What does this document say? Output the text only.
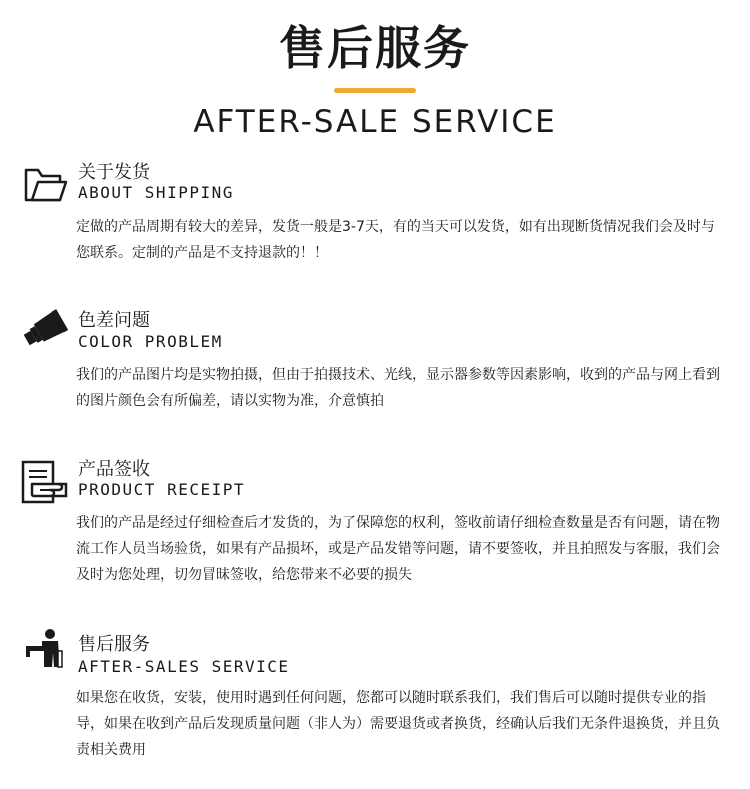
售后服务
AFTER-SALE SERVICE
关于发货
ABOUT SHIPPING
定做的产品周期有较大的差异，发货一般是3-7天，有的当天可以发货，如有出现断货情况我们会及时与您联系。定制的产品是不支持退款的！！
色差问题
COLOR PROBLEM
我们的产品图片均是实物拍摄，但由于拍摄技术、光线，显示器参数等因素影响，收到的产品与网上看到的图片颜色会有所偏差，请以实物为准，介意慎拍
产品签收
PRODUCT RECEIPT
我们的产品是经过仔细检查后才发货的，为了保障您的权利，签收前请仔细检查数量是否有问题，请在物流工作人员当场验货，如果有产品损坏，或是产品发错等问题，请不要签收，并且拍照发与客服，我们会及时为您处理，切勿冒昧签收，给您带来不必要的损失
售后服务
AFTER-SALES SERVICE
如果您在收货，安装，使用时遇到任何问题，您都可以随时联系我们，我们售后可以随时提供专业的指导，如果在收到产品后发现质量问题（非人为）需要退货或者换货，经确认后我们无条件退换货，并且负责相关费用
